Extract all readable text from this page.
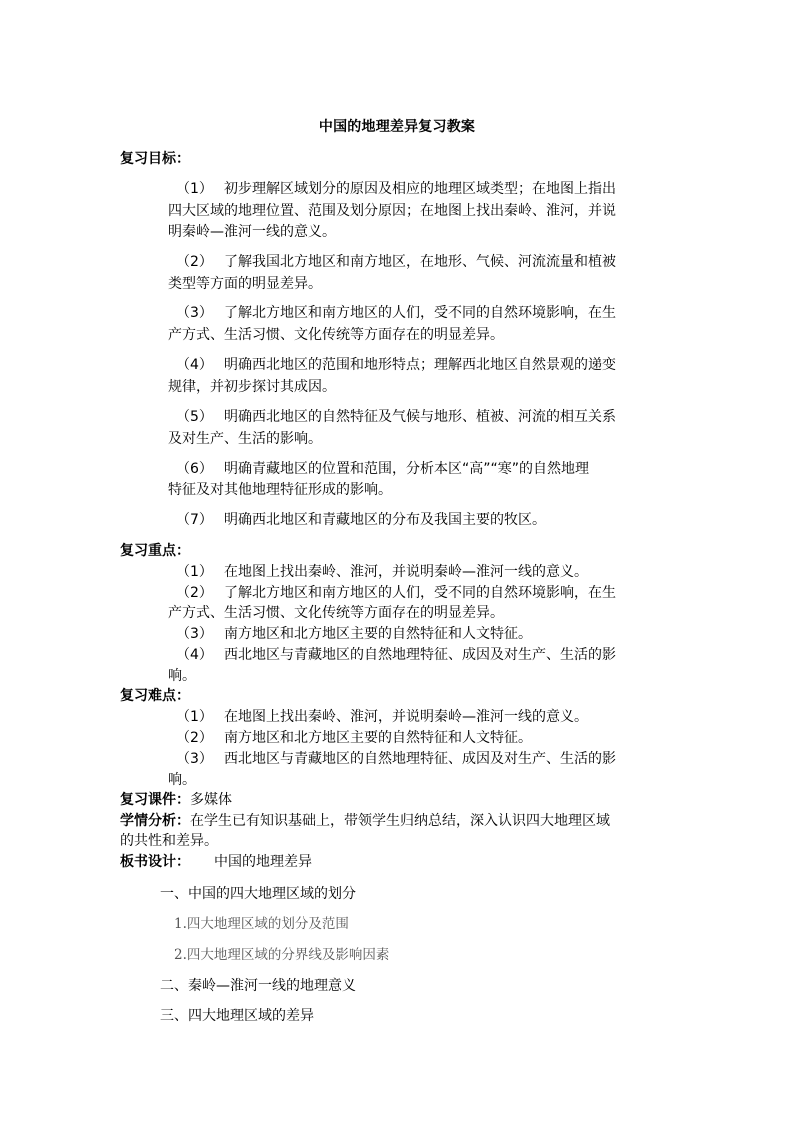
中国的地理差异复习教案
复习目标：
（1） 初步理解区域划分的原因及相应的地理区域类型；在地图上指出
四大区域的地理位置、范围及划分原因；在地图上找出秦岭、淮河，并说
明秦岭—淮河一线的意义。
（2） 了解我国北方地区和南方地区，在地形、气候、河流流量和植被
类型等方面的明显差异。
（3） 了解北方地区和南方地区的人们，受不同的自然环境影响，在生
产方式、生活习惯、文化传统等方面存在的明显差异。
（4） 明确西北地区的范围和地形特点；理解西北地区自然景观的递变
规律，并初步探讨其成因。
（5） 明确西北地区的自然特征及气候与地形、植被、河流的相互关系
及对生产、生活的影响。
（6） 明确青藏地区的位置和范围，分析本区“高”“寒”的自然地理
特征及对其他地理特征形成的影响。
（7） 明确西北地区和青藏地区的分布及我国主要的牧区。
复习重点：
（1） 在地图上找出秦岭、淮河，并说明秦岭—淮河一线的意义。
（2） 了解北方地区和南方地区的人们，受不同的自然环境影响，在生
产方式、生活习惯、文化传统等方面存在的明显差异。
（3） 南方地区和北方地区主要的自然特征和人文特征。
（4） 西北地区与青藏地区的自然地理特征、成因及对生产、生活的影
响。
复习难点：
（1） 在地图上找出秦岭、淮河，并说明秦岭—淮河一线的意义。
（2） 南方地区和北方地区主要的自然特征和人文特征。
（3） 西北地区与青藏地区的自然地理特征、成因及对生产、生活的影
响。
复习课件：多媒体
学情分析：在学生已有知识基础上，带领学生归纳总结，深入认识四大地理区域
的共性和差异。
板书设计： 中国的地理差异
一、中国的四大地理区域的划分
1.四大地理区域的划分及范围
2.四大地理区域的分界线及影响因素
二、秦岭—淮河一线的地理意义
三、四大地理区域的差异
